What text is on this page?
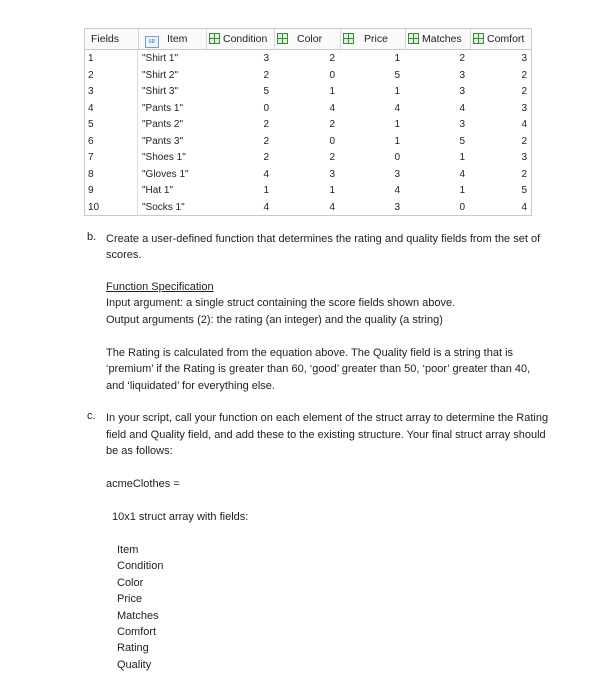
Fields	str Item	Condition	Color	Price	Matches	Comfort
1	"Shirt 1"	3	2	1	2	3
2	"Shirt 2"	2	0	5	3	2
3	"Shirt 3"	5	1	1	3	2
4	"Pants 1"	0	4	4	4	3
5	"Pants 2"	2	2	1	3	4
6	"Pants 3"	2	0	1	5	2
7	"Shoes 1"	2	2	0	1	3
8	"Gloves 1"	4	3	3	4	2
9	"Hat 1"	1	1	4	1	5
10	"Socks 1"	4	4	3	0	4
b. Create a user-defined function that determines the rating and quality fields from the set of
scores.
Function Specification
Input argument: a single struct containing the score fields shown above.
Output arguments (2): the rating (an integer) and the quality (a string)
The Rating is calculated from the equation above. The Quality field is a string that is
‘premium’ if the Rating is greater than 60, ‘good’ greater than 50, ‘poor’ greater than 40,
and ‘liquidated’ for everything else.
c. In your script, call your function on each element of the struct array to determine the Rating
field and Quality field, and add these to the existing structure. Your final struct array should
be as follows:
acmeClothes =
10x1 struct array with fields:
Item
Condition
Color
Price
Matches
Comfort
Rating
Quality
